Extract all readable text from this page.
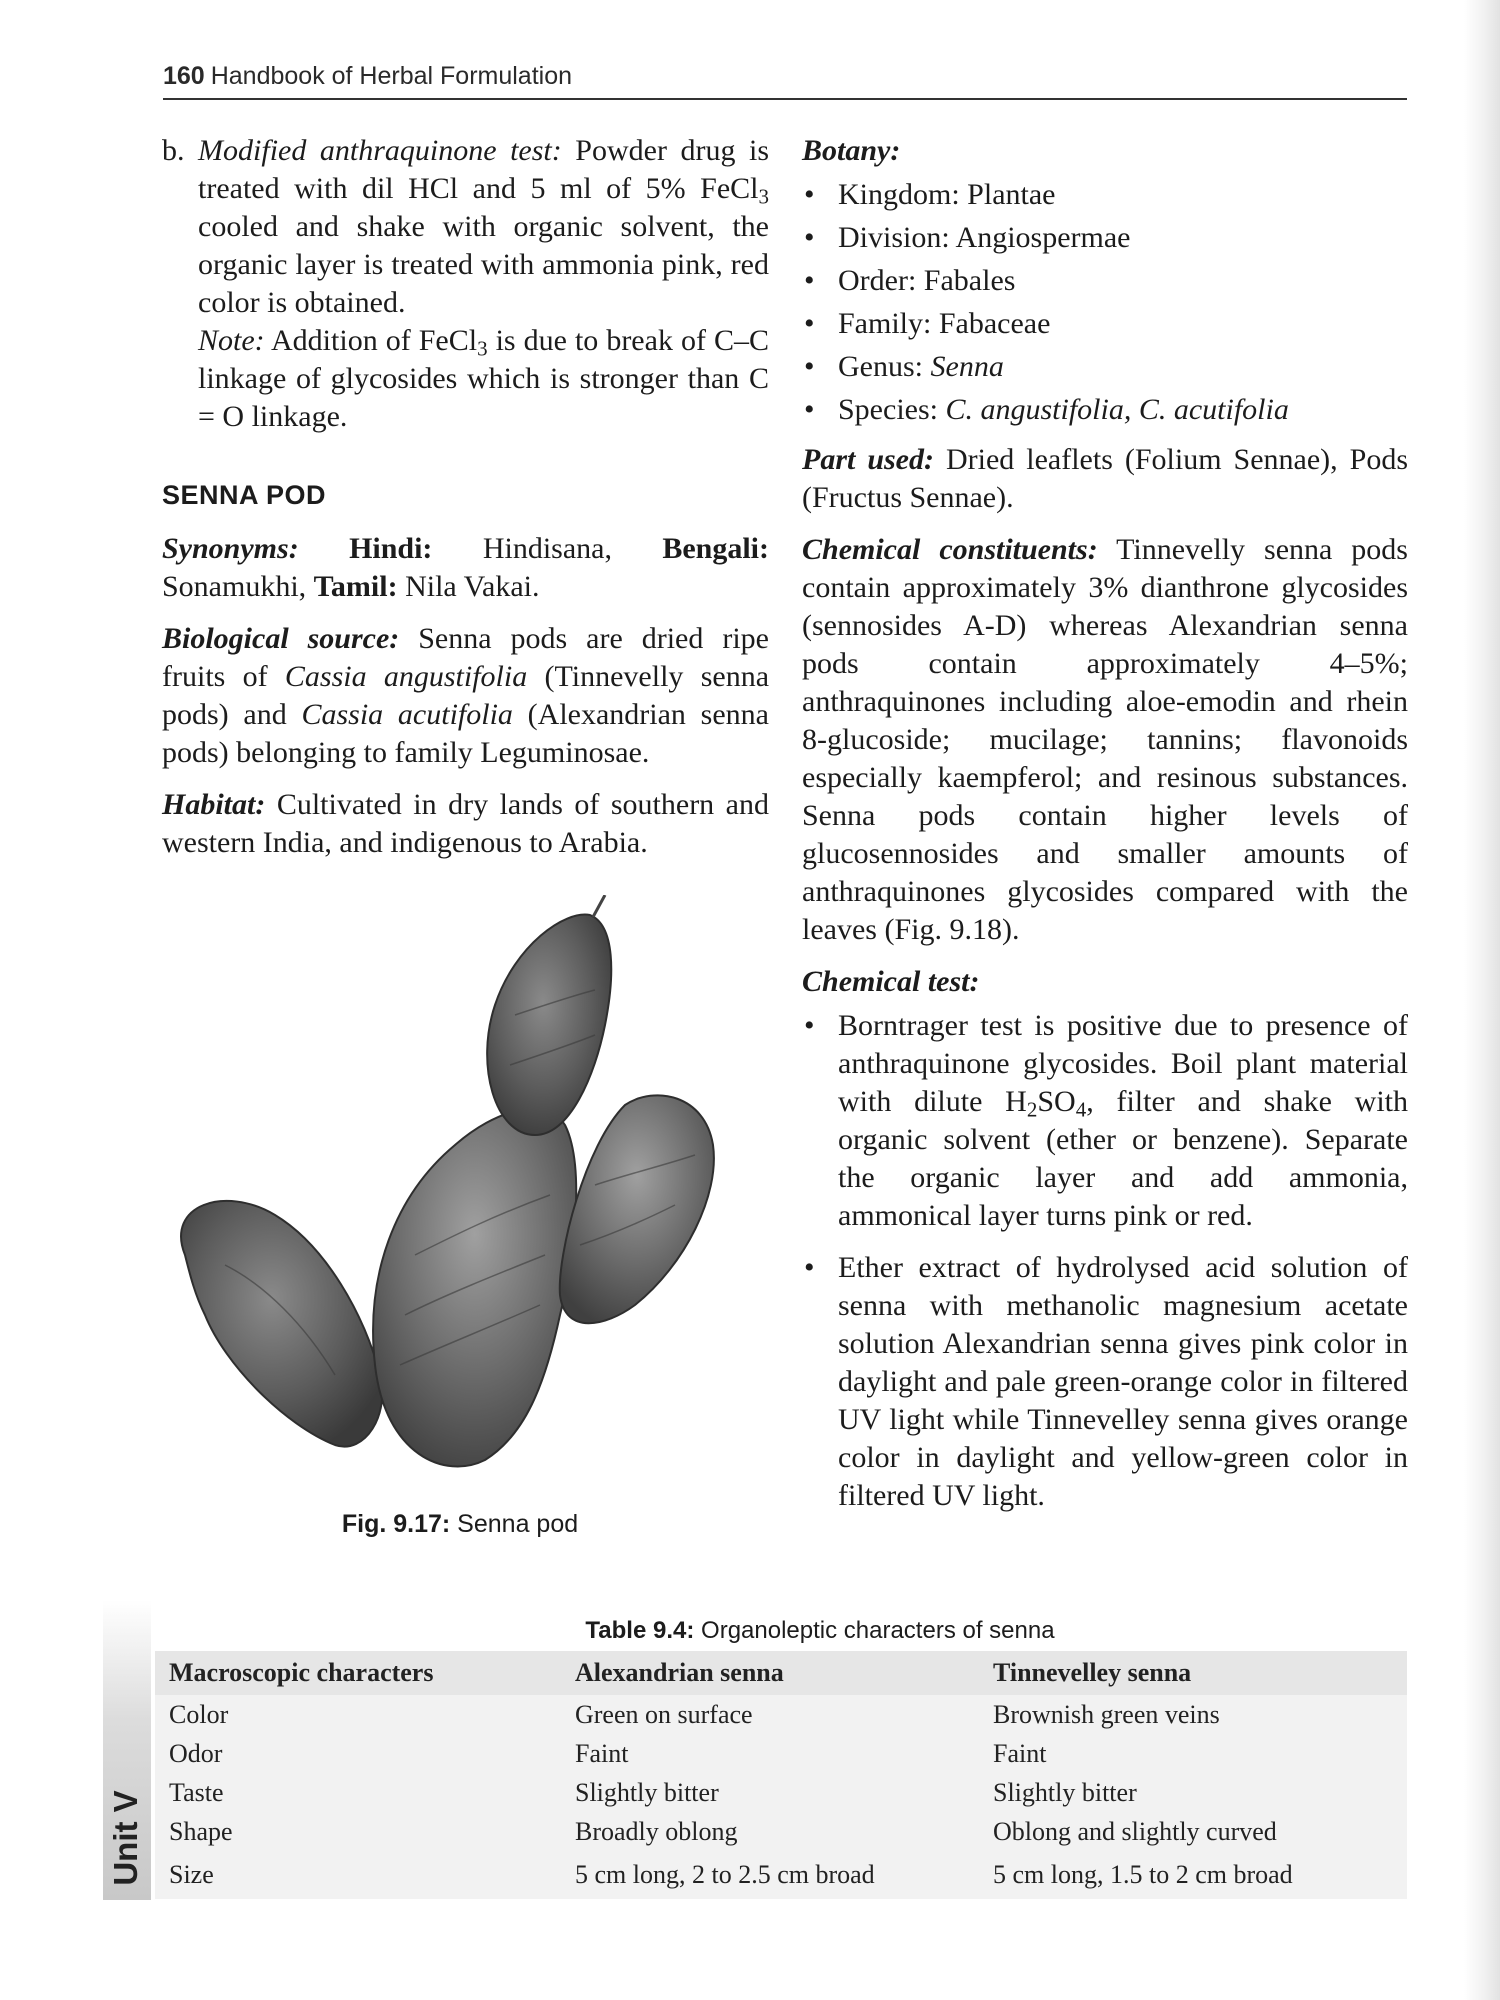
160 Handbook of Herbal Formulation

b. Modified anthraquinone test: Powder drug is treated with dil HCl and 5 ml of 5% FeCl$_3$ cooled and shake with organic solvent, the organic layer is treated with ammonia pink, red color is obtained.

Note: Addition of FeCl$_3$ is due to break of C–C linkage of glycosides which is stronger than C = O linkage.

SENNA POD

Synonyms: Hindi: Hindisana, Bengali: Sonamukhi, Tamil: Nila Vakai.

Biological source: Senna pods are dried ripe fruits of Cassia angustifolia (Tinnevelly senna pods) and Cassia acutifolia (Alexandrian senna pods) belonging to family Leguminosae.

Habitat: Cultivated in dry lands of southern and western India, and indigenous to Arabia.

Fig. 9.17: Senna pod

Botany:

• Kingdom: Plantae
• Division: Angiospermae
• Order: Fabales
• Family: Fabaceae
• Genus: Senna
• Species: C. angustifolia, C. acutifolia

Part used: Dried leaflets (Folium Sennae), Pods (Fructus Sennae).

Chemical constituents: Tinnevelly senna pods contain approximately 3% dianthrone glycosides (sennosides A-D) whereas Alexandrian senna pods contain approximately 4–5%; anthraquinones including aloe-emodin and rhein 8-glucoside; mucilage; tannins; flavonoids especially kaempferol; and resinous substances. Senna pods contain higher levels of glucosennosides and smaller amounts of anthraquinones glycosides compared with the leaves (Fig. 9.18).

Chemical test:

• Borntrager test is positive due to presence of anthraquinone glycosides. Boil plant material with dilute $H_2SO_4$, filter and shake with organic solvent (ether or benzene). Separate the organic layer and add ammonia, ammonical layer turns pink or red.
• Ether extract of hydrolysed acid solution of senna with methanolic magnesium acetate solution Alexandrian senna gives pink color in daylight and pale green-orange color in filtered UV light while Tinnevelley senna gives orange color in daylight and yellow-green color in filtered UV light.
Unit V
Table 9.4: Organoleptic characters of senna
Macroscopic characters	Alexandrian senna	Tinnevelley senna
Color	Green on surface	Brownish green veins
Odor	Faint	Faint
Taste	Slightly bitter	Slightly bitter
Shape	Broadly oblong	Oblong and slightly curved
Size	5 cm long, 2 to 2.5 cm broad	5 cm long, 1.5 to 2 cm broad
